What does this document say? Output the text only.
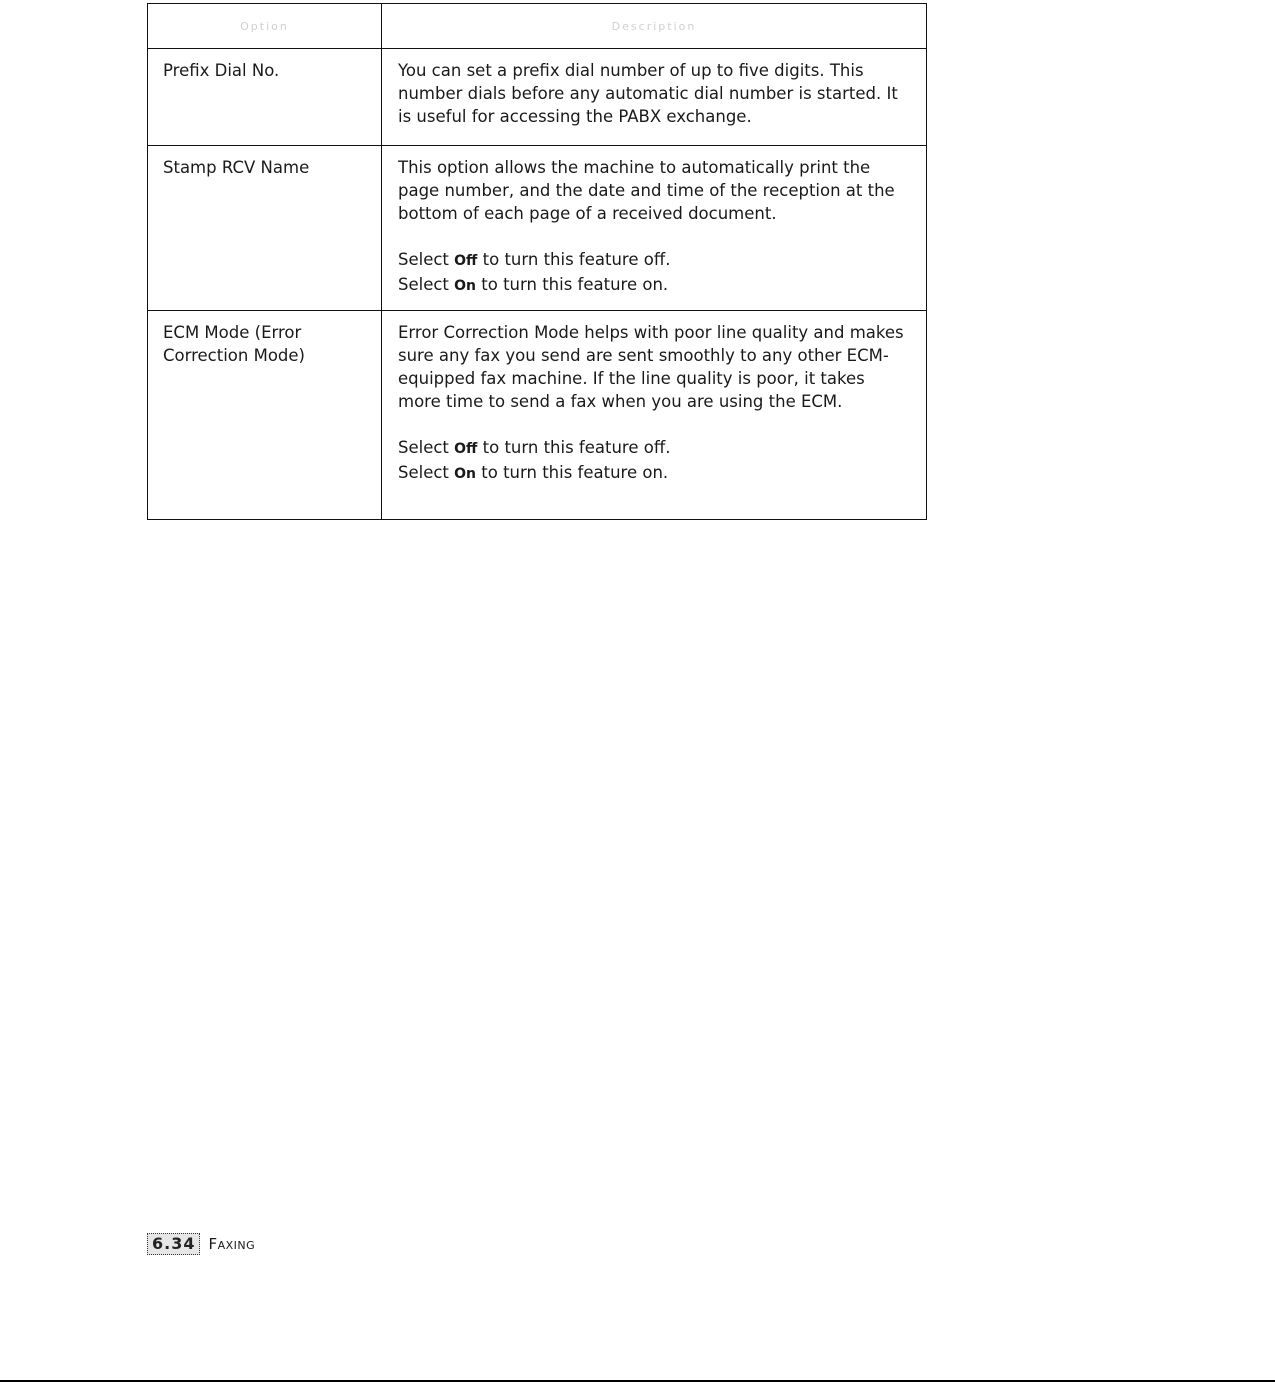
Option	Description
Prefix Dial No.	You can set a prefix dial number of up to five digits. This number dials before any automatic dial number is started. It is useful for accessing the PABX exchange.

Stamp RCV Name	This option allows the machine to automatically print the page number, and the date and time of the reception at the bottom of each page of a received document.

Select Off to turn this feature off.
Select On to turn this feature on.

ECM Mode (Error Correction Mode)	Error Correction Mode helps with poor line quality and makes sure any fax you send are sent smoothly to any other ECM-equipped fax machine. If the line quality is poor, it takes more time to send a fax when you are using the ECM.

Select Off to turn this feature off.
Select On to turn this feature on.

6.34 Faxing
